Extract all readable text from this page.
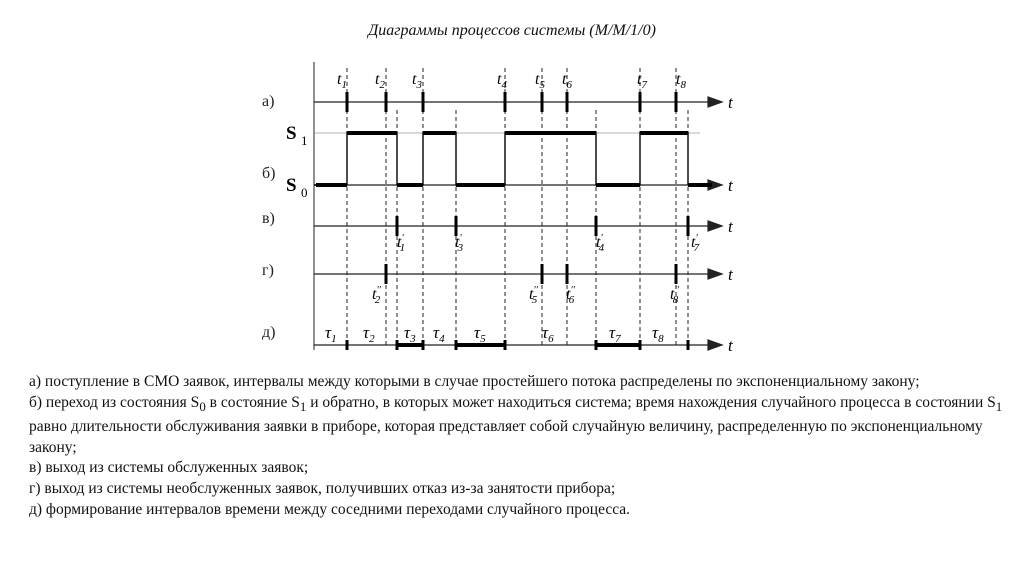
Диаграммы процессов системы (М/М/1/0)
а)
б)
в)
г)
д)
S 1
S 0
t
t
t
t
t
$t_1$ $t_2$ $t_3$	$t_4$ $t_5$ $t_6$	$t_7$ $t_8$
t' 1	t' 3	t' 4	t' 7
t'' 2	t'' 5 t'' 6	t'' 8
$\tau_1$ $\tau_2$ $\tau_3$ $\tau_4$ $\tau_5$	$\tau_6$	$\tau_7$ $\tau_8$

а) поступление в СМО заявок, интервалы между которыми в случае простейшего потока распределены по экспоненциальному закону;

б) переход из состояния $S_0$ в состояние $S_1$ и обратно, в которых может находиться система; время нахождения случайного процесса в состоянии $S_1$ равно длительности обслуживания заявки в приборе, которая представляет собой случайную величину, распределенную по экспоненциальному закону;

в) выход из системы обслуженных заявок;

г) выход из системы необслуженных заявок, получивших отказ из-за занятости прибора;

д) формирование интервалов времени между соседними переходами случайного процесса.
